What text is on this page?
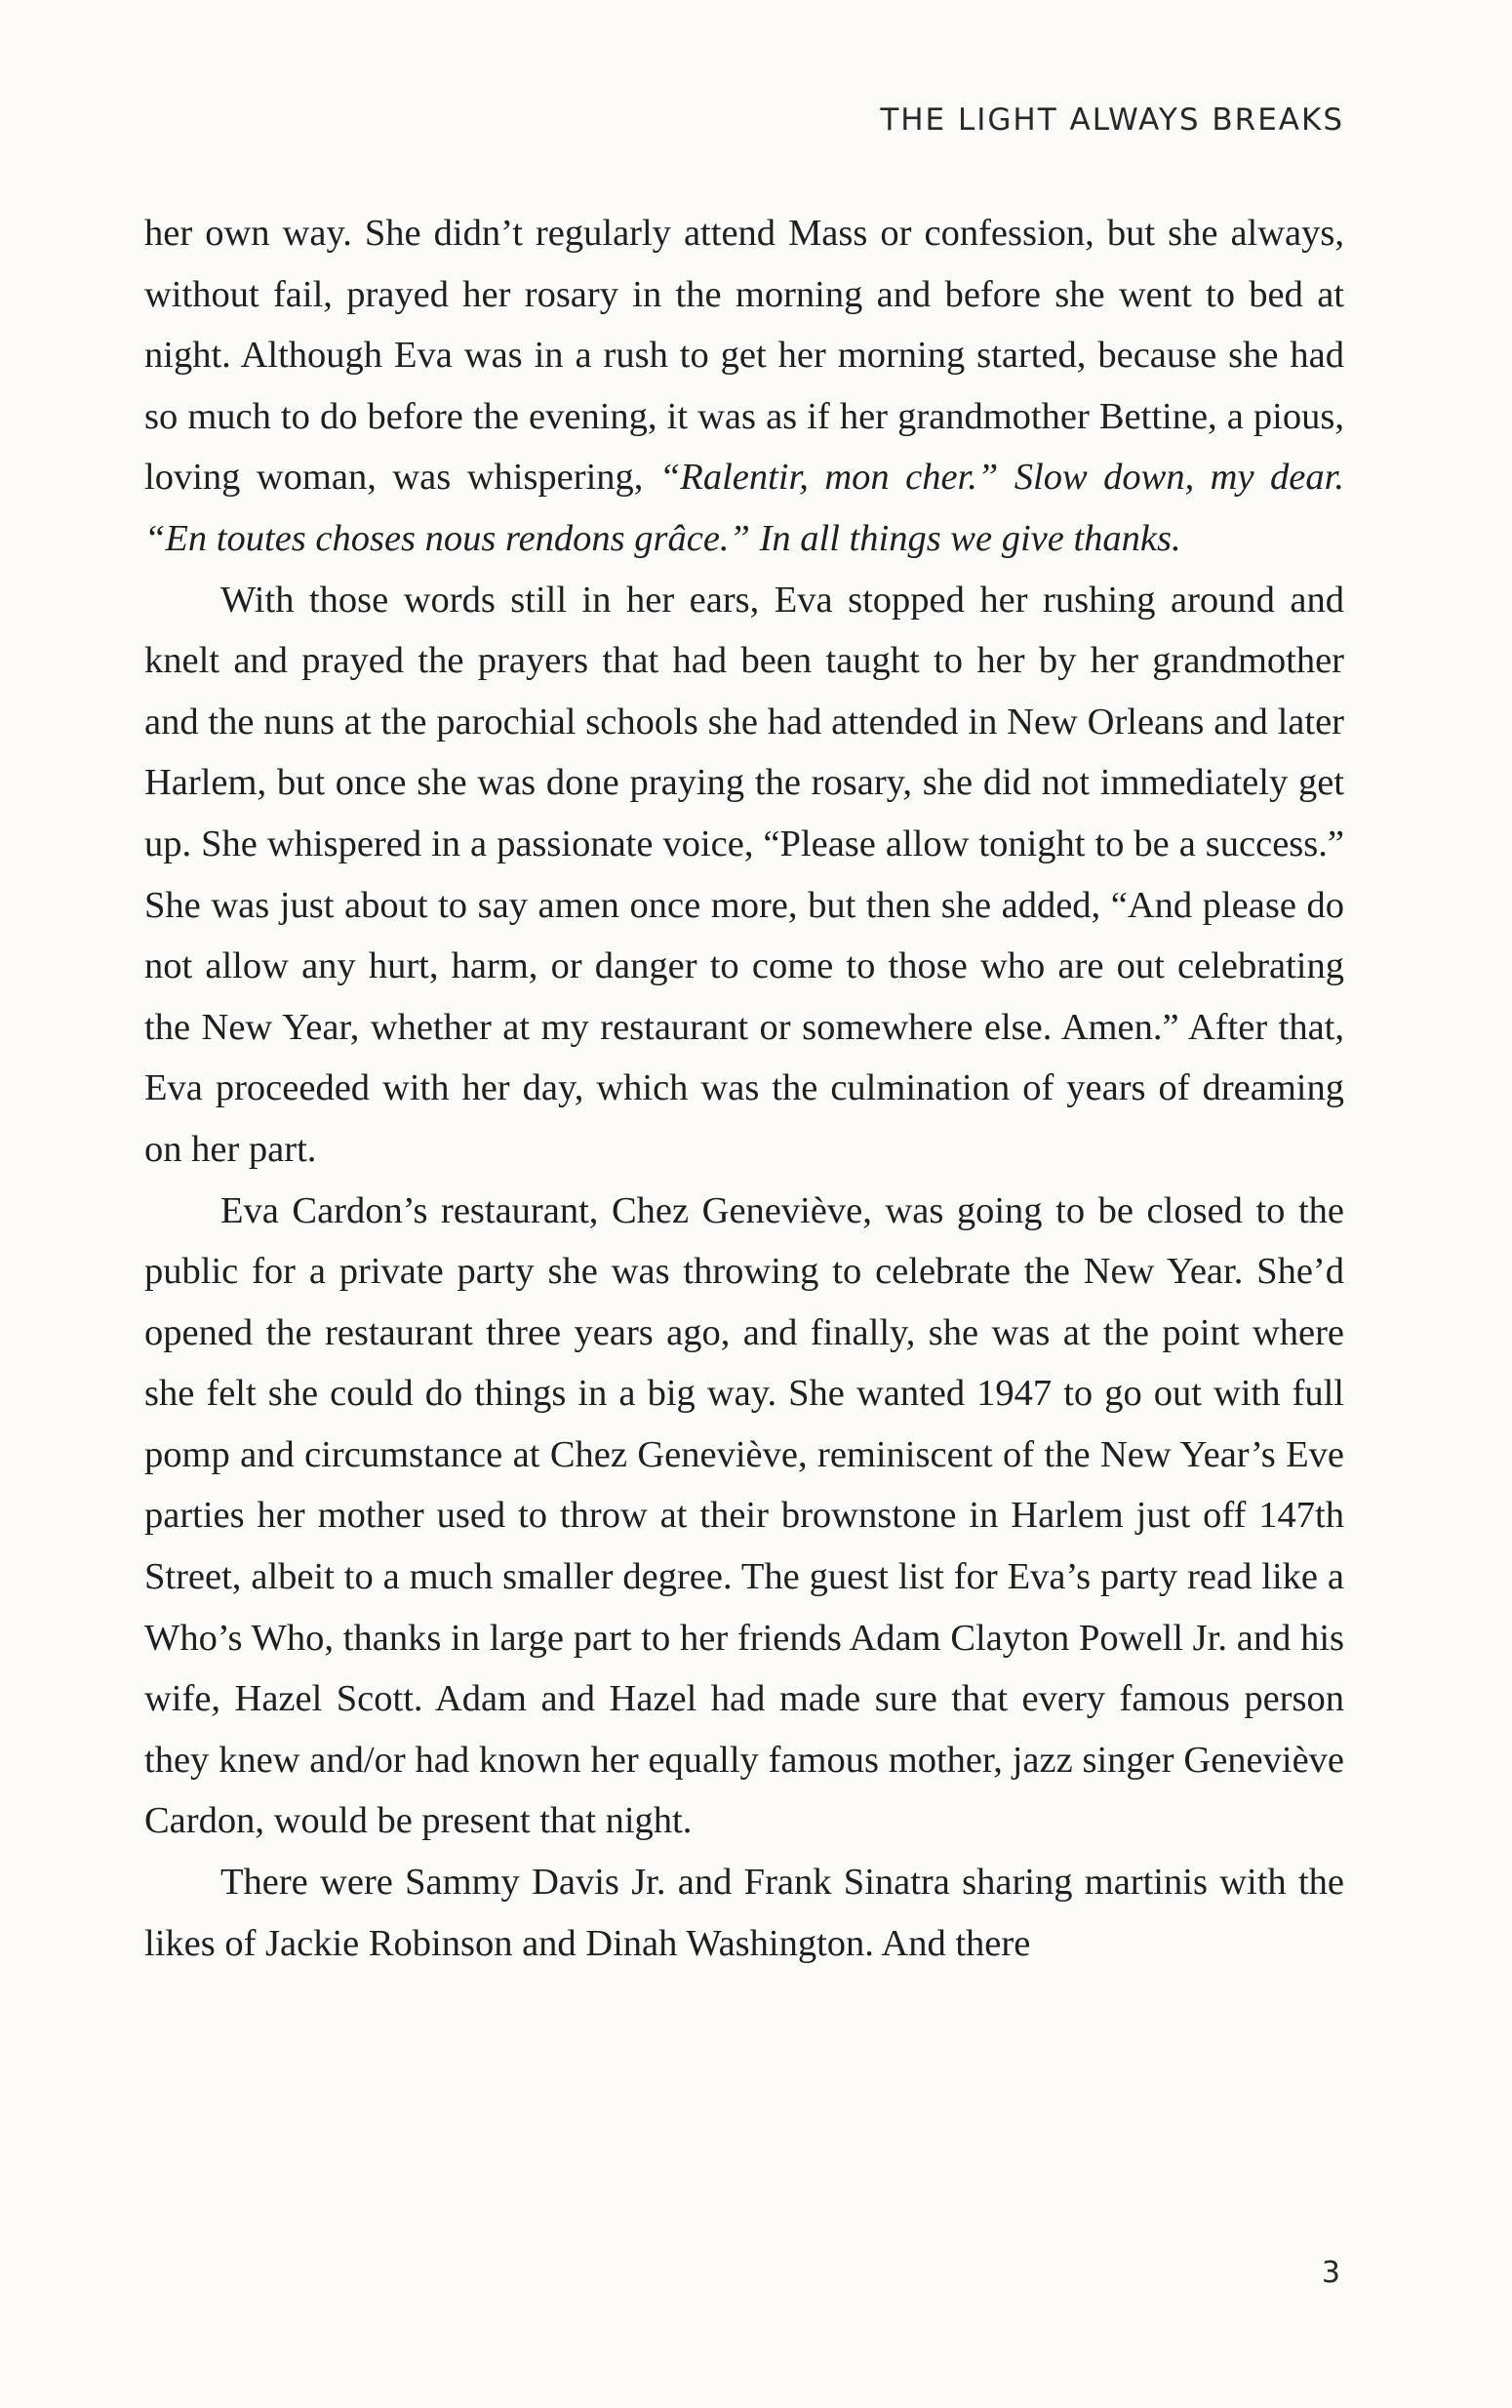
THE LIGHT ALWAYS BREAKS

her own way. She didn’t regularly attend Mass or confession, but she always, without fail, prayed her rosary in the morning and before she went to bed at night. Although Eva was in a rush to get her morning started, because she had so much to do before the evening, it was as if her grandmother Bettine, a pious, loving woman, was whispering, “Ralentir, mon cher.” Slow down, my dear. “En toutes choses nous rendons grâce.” In all things we give thanks.

With those words still in her ears, Eva stopped her rushing around and knelt and prayed the prayers that had been taught to her by her grandmother and the nuns at the parochial schools she had attended in New Orleans and later Harlem, but once she was done praying the rosary, she did not immediately get up. She whispered in a passionate voice, “Please allow tonight to be a success.” She was just about to say amen once more, but then she added, “And please do not allow any hurt, harm, or danger to come to those who are out celebrating the New Year, whether at my restaurant or somewhere else. Amen.” After that, Eva proceeded with her day, which was the culmination of years of dreaming on her part.

Eva Cardon’s restaurant, Chez Geneviève, was going to be closed to the public for a private party she was throwing to celebrate the New Year. She’d opened the restaurant three years ago, and finally, she was at the point where she felt she could do things in a big way. She wanted 1947 to go out with full pomp and circumstance at Chez Geneviève, reminiscent of the New Year’s Eve parties her mother used to throw at their brownstone in Harlem just off 147th Street, albeit to a much smaller degree. The guest list for Eva’s party read like a Who’s Who, thanks in large part to her friends Adam Clayton Powell Jr. and his wife, Hazel Scott. Adam and Hazel had made sure that every famous person they knew and/or had known her equally famous mother, jazz singer Geneviève Cardon, would be present that night.

There were Sammy Davis Jr. and Frank Sinatra sharing martinis with the likes of Jackie Robinson and Dinah Washington. And there

3
